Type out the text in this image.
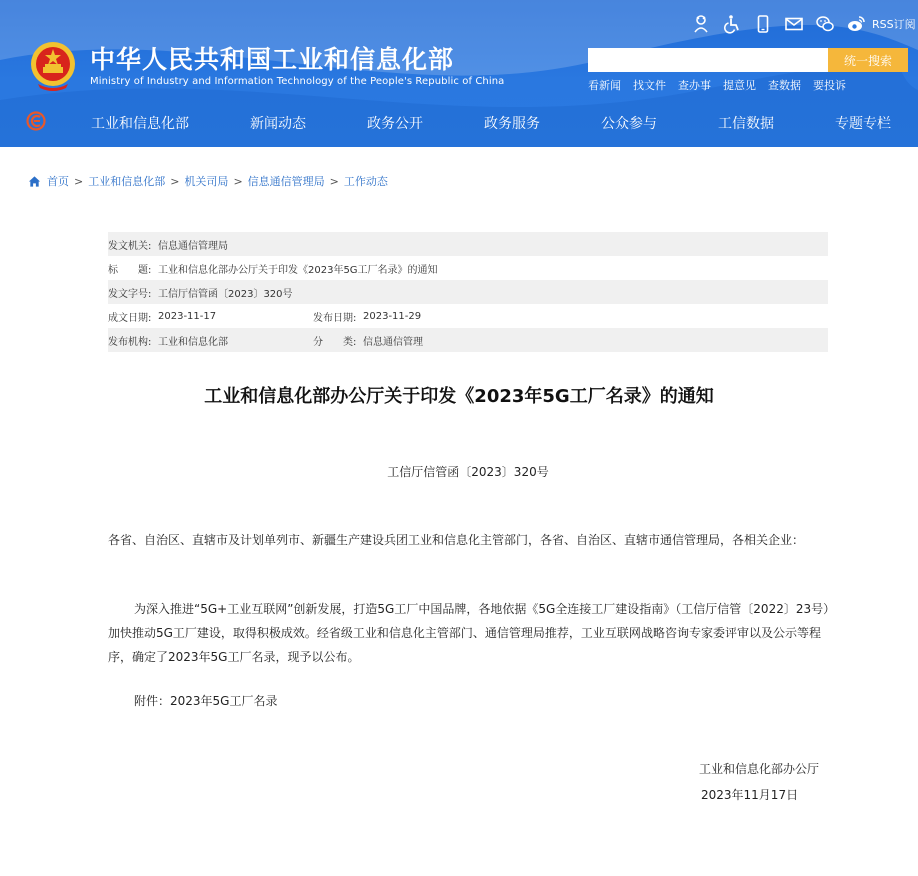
中华人民共和国工业和信息化部
Ministry of Industry and Information Technology of the People's Republic of China
RSS订阅
统一搜索
看新闻 找文件 查办事 提意见 查数据 要投诉
工业和信息化部	新闻动态	政务公开	政务服务	公众参与	工信数据	专题专栏
首页 > 工业和信息化部 > 机关司局 > 信息通信管理局 > 工作动态
发文机关: 信息通信管理局
标　　题: 工业和信息化部办公厅关于印发《2023年5G工厂名录》的通知
发文字号: 工信厅信管函〔2023〕320号
成文日期: 2023-11-17	发布日期: 2023-11-29
发布机构: 工业和信息化部	分　　类: 信息通信管理
工业和信息化部办公厅关于印发《2023年5G工厂名录》的通知
工信厅信管函〔2023〕320号

各省、自治区、直辖市及计划单列市、新疆生产建设兵团工业和信息化主管部门，各省、自治区、直辖市通信管理局，各相关企业：

为深入推进“5G+工业互联网”创新发展，打造5G工厂中国品牌，各地依据《5G全连接工厂建设指南》（工信厅信管〔2022〕23号）加快推动5G工厂建设，取得积极成效。经省级工业和信息化主管部门、通信管理局推荐，工业互联网战略咨询专家委评审以及公示等程序，确定了2023年5G工厂名录，现予以公布。

附件：2023年5G工厂名录

工业和信息化部办公厅
2023年11月17日
